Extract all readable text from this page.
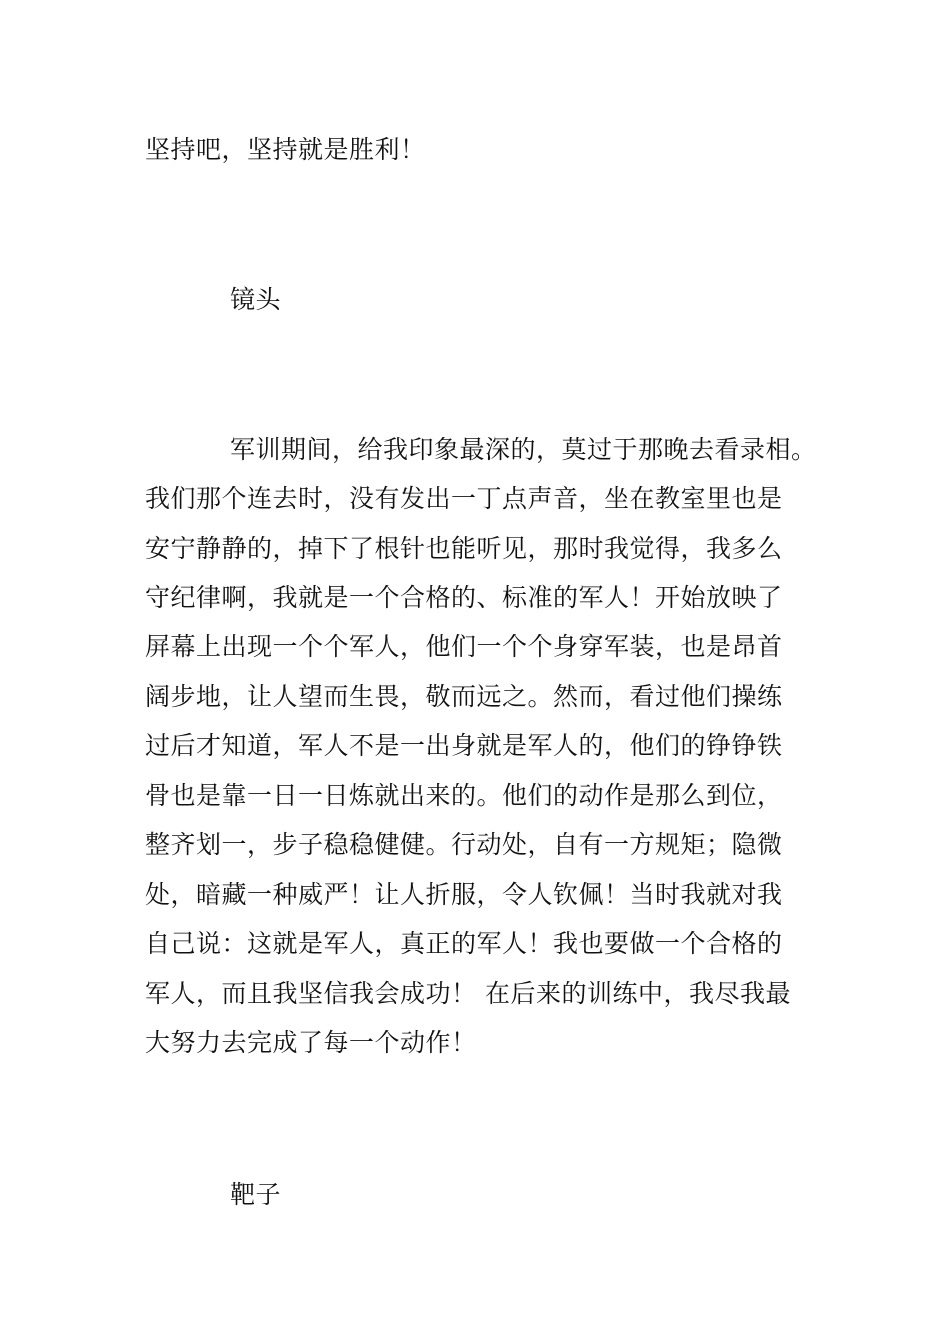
坚持吧，坚持就是胜利！
镜头
军训期间，给我印象最深的，莫过于那晚去看录相。
我们那个连去时，没有发出一丁点声音，坐在教室里也是
安宁静静的，掉下了根针也能听见，那时我觉得，我多么
守纪律啊，我就是一个合格的、标准的军人！开始放映了
屏幕上出现一个个军人，他们一个个身穿军装，也是昂首
阔步地，让人望而生畏，敬而远之。然而，看过他们操练
过后才知道，军人不是一出身就是军人的，他们的铮铮铁
骨也是靠一日一日炼就出来的。他们的动作是那么到位，
整齐划一，步子稳稳健健。行动处，自有一方规矩；隐微
处，暗藏一种威严！让人折服，令人钦佩！当时我就对我
自己说：这就是军人，真正的军人！我也要做一个合格的
军人，而且我坚信我会成功！ 在后来的训练中，我尽我最
大努力去完成了每一个动作！
靶子
